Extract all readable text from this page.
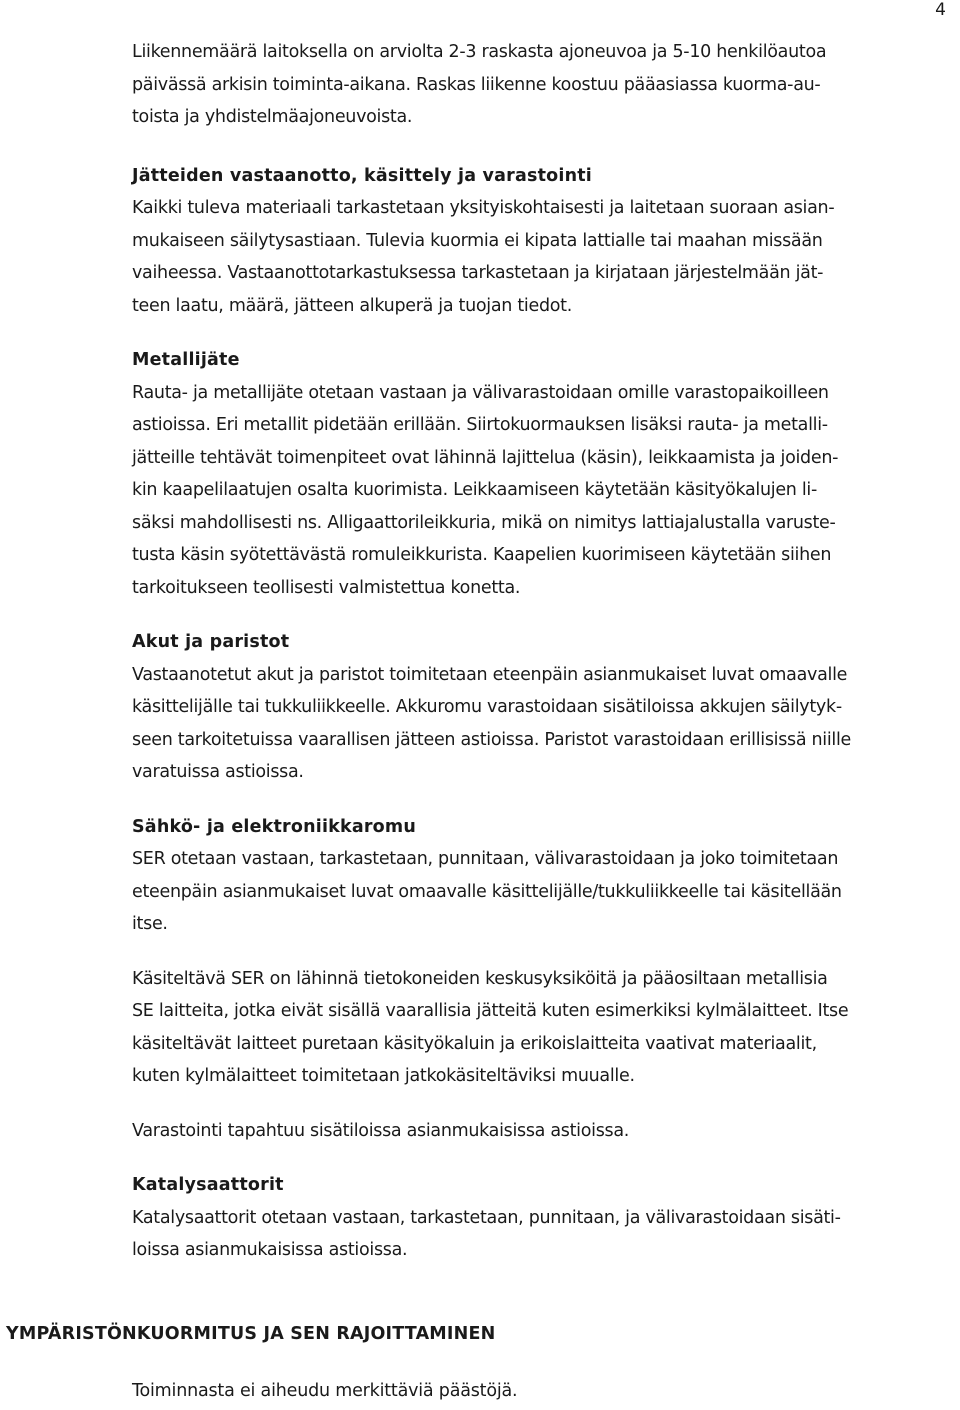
4

Liikennemäärä laitoksella on arviolta 2-3 raskasta ajoneuvoa ja 5-10 henkilöautoa
päivässä arkisin toiminta-aikana. Raskas liikenne koostuu pääasiassa kuorma-au-
toista ja yhdistelmäajoneuvoista.

Jätteiden vastaanotto, käsittely ja varastointi

Kaikki tuleva materiaali tarkastetaan yksityiskohtaisesti ja laitetaan suoraan asian-
mukaiseen säilytysastiaan. Tulevia kuormia ei kipata lattialle tai maahan missään
vaiheessa. Vastaanottotarkastuksessa tarkastetaan ja kirjataan järjestelmään jät-
teen laatu, määrä, jätteen alkuperä ja tuojan tiedot.

Metallijäte

Rauta- ja metallijäte otetaan vastaan ja välivarastoidaan omille varastopaikoilleen
astioissa. Eri metallit pidetään erillään. Siirtokuormauksen lisäksi rauta- ja metalli-
jätteille tehtävät toimenpiteet ovat lähinnä lajittelua (käsin), leikkaamista ja joiden-
kin kaapelilaatujen osalta kuorimista. Leikkaamiseen käytetään käsityökalujen li-
säksi mahdollisesti ns. Alligaattorileikkuria, mikä on nimitys lattiajalustalla varuste-
tusta käsin syötettävästä romuleikkurista. Kaapelien kuorimiseen käytetään siihen
tarkoitukseen teollisesti valmistettua konetta.

Akut ja paristot

Vastaanotetut akut ja paristot toimitetaan eteenpäin asianmukaiset luvat omaavalle
käsittelijälle tai tukkuliikkeelle. Akkuromu varastoidaan sisätiloissa akkujen säilytyk-
seen tarkoitetuissa vaarallisen jätteen astioissa. Paristot varastoidaan erillisissä niille
varatuissa astioissa.

Sähkö- ja elektroniikkaromu

SER otetaan vastaan, tarkastetaan, punnitaan, välivarastoidaan ja joko toimitetaan
eteenpäin asianmukaiset luvat omaavalle käsittelijälle/tukkuliikkeelle tai käsitellään
itse.

Käsiteltävä SER on lähinnä tietokoneiden keskusyksiköitä ja pääosiltaan metallisia
SE laitteita, jotka eivät sisällä vaarallisia jätteitä kuten esimerkiksi kylmälaitteet. Itse
käsiteltävät laitteet puretaan käsityökaluin ja erikoislaitteita vaativat materiaalit,
kuten kylmälaitteet toimitetaan jatkokäsiteltäviksi muualle.

Varastointi tapahtuu sisätiloissa asianmukaisissa astioissa.

Katalysaattorit

Katalysaattorit otetaan vastaan, tarkastetaan, punnitaan, ja välivarastoidaan sisäti-
loissa asianmukaisissa astioissa.

YMPÄRISTÖNKUORMITUS JA SEN RAJOITTAMINEN
Toiminnasta ei aiheudu merkittäviä päästöjä.
